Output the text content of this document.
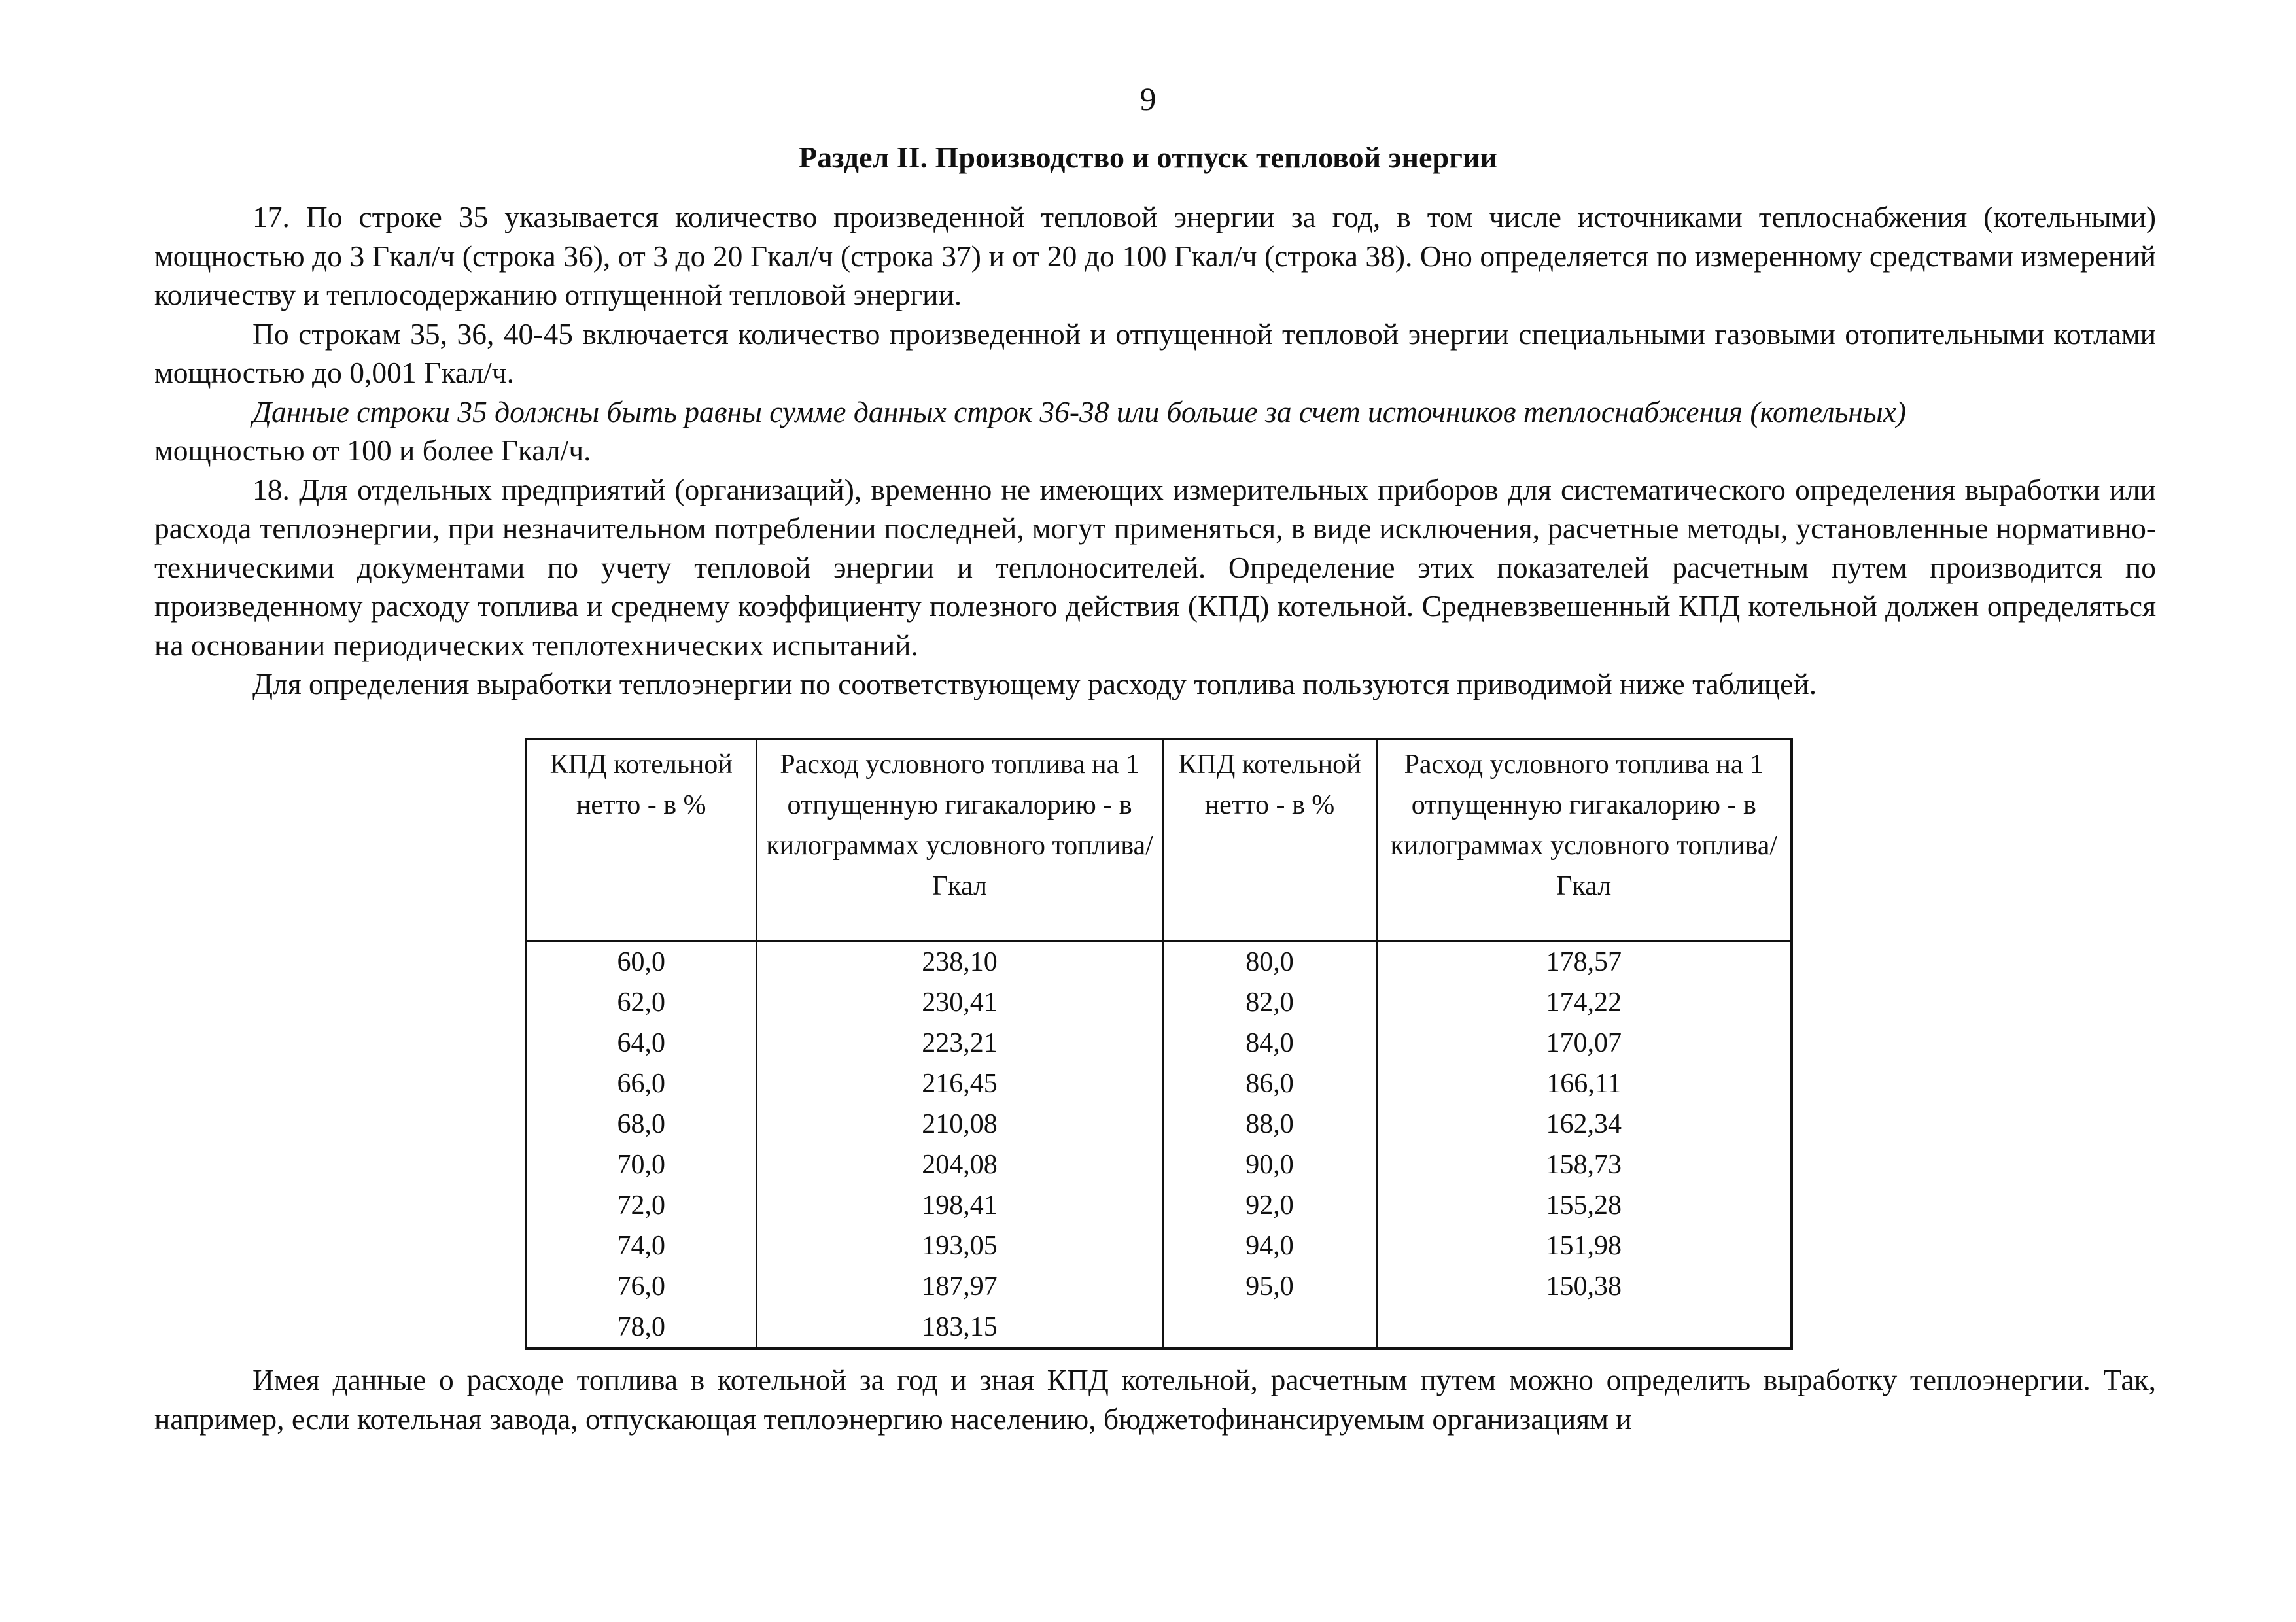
9
Раздел II. Производство и отпуск тепловой энергии

17. По строке 35 указывается количество произведенной тепловой энергии за год, в том числе источниками теплоснабжения (котельными) мощностью до 3 Гкал/ч (строка 36), от 3 до 20 Гкал/ч (строка 37) и от 20 до 100 Гкал/ч (строка 38). Оно определяется по измеренному средствами измерений количеству и теплосодержанию отпущенной тепловой энергии.

По строкам 35, 36, 40-45 включается количество произведенной и отпущенной тепловой энергии специальными газовыми отопительными котлами мощностью до 0,001 Гкал/ч.

Данные строки 35 должны быть равны сумме данных строк 36-38 или больше за счет источников теплоснабжения (котельных)

мощностью от 100 и более Гкал/ч.

18. Для отдельных предприятий (организаций), временно не имеющих измерительных приборов для систематического определения выработки или расхода теплоэнергии, при незначительном потреблении последней, могут применяться, в виде исключения, расчетные методы, установленные нормативно-техническими документами по учету тепловой энергии и теплоносителей. Определение этих показателей расчетным путем производится по произведенному расходу топлива и среднему коэффициенту полезного действия (КПД) котельной. Средневзвешенный КПД котельной должен определяться на основании периодических теплотехнических испытаний.

Для определения выработки теплоэнергии по соответствующему расходу топлива пользуются приводимой ниже таблицей.

КПД котельной нетто - в %	Расход условного топлива на 1 отпущенную гигакалорию - в килограммах условного топлива/Гкал	КПД котельной нетто - в %	Расход условного топлива на 1 отпущенную гигакалорию - в килограммах условного топлива/Гкал
60,0	238,10	80,0	178,57
62,0	230,41	82,0	174,22
64,0	223,21	84,0	170,07
66,0	216,45	86,0	166,11
68,0	210,08	88,0	162,34
70,0	204,08	90,0	158,73
72,0	198,41	92,0	155,28
74,0	193,05	94,0	151,98
76,0	187,97	95,0	150,38
78,0	183,15		

Имея данные о расходе топлива в котельной за год и зная КПД котельной, расчетным путем можно определить выработку теплоэнергии. Так, например, если котельная завода, отпускающая теплоэнергию населению, бюджетофинансируемым организациям и
